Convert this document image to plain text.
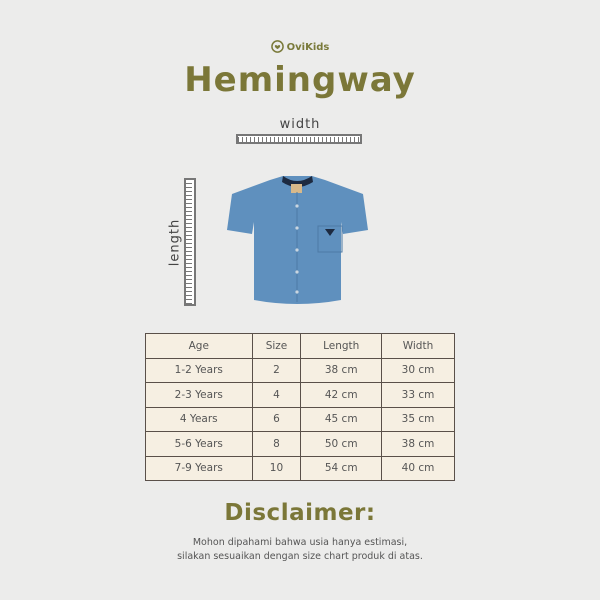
OviKids
Hemingway
width
length
Age	Size	Length	Width
1-2 Years	2	38 cm	30 cm
2-3 Years	4	42 cm	33 cm
4 Years	6	45 cm	35 cm
5-6 Years	8	50 cm	38 cm
7-9 Years	10	54 cm	40 cm
Disclaimer:
Mohon dipahami bahwa usia hanya estimasi,
silakan sesuaikan dengan size chart produk di atas.
